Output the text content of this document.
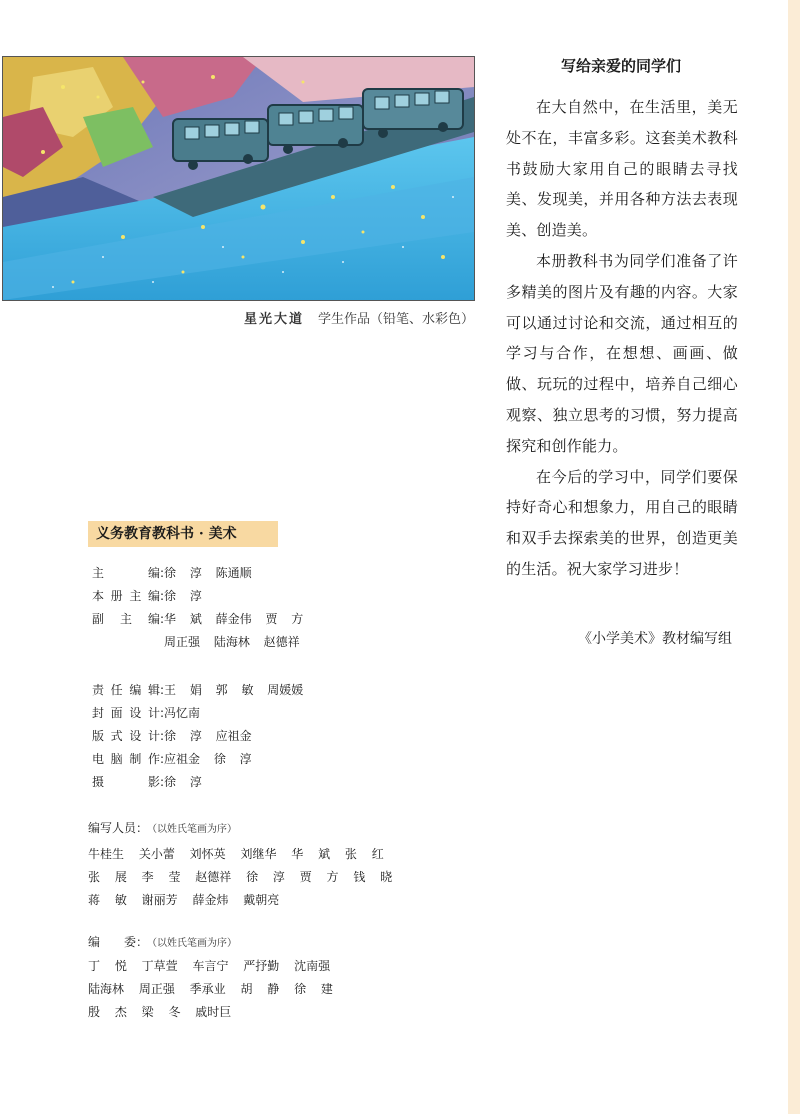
星光大道 学生作品（铅笔、水彩色）
写给亲爱的同学们

在大自然中，在生活里，美无处不在，丰富多彩。这套美术教科书鼓励大家用自己的眼睛去寻找美、发现美，并用各种方法去表现美、创造美。

本册教科书为同学们准备了许多精美的图片及有趣的内容。大家可以通过讨论和交流，通过相互的学习与合作，在想想、画画、做做、玩玩的过程中，培养自己细心观察、独立思考的习惯，努力提高探究和创作能力。

在今后的学习中，同学们要保持好奇心和想象力，用自己的眼睛和双手去探索美的世界，创造更美的生活。祝大家学习进步！

《小学美术》教材编写组
义务教育教科书 · 美术
主编:徐 淳 陈通顺
本册主编:徐 淳
副主编:华 斌 薛金伟 贾 方
周正强 陆海林 赵德祥
责任编辑:王 娟 郭 敏 周媛媛
封面设计:冯忆南
版式设计:徐 淳 应祖金
电脑制作:应祖金 徐 淳
摄影:徐 淳
编写人员： （以姓氏笔画为序）
牛桂生 关小蕾 刘怀英 刘继华 华 斌 张 红
张 展 李 莹 赵德祥 徐 淳 贾 方 钱 晓
蒋 敏 谢丽芳 薛金炜 戴朝亮
编　　委： （以姓氏笔画为序）
丁 悦 丁草萱 车言宁 严抒勤 沈南强
陆海林 周正强 季承业 胡 静 徐 建
殷 杰 梁 冬 戚时巨
